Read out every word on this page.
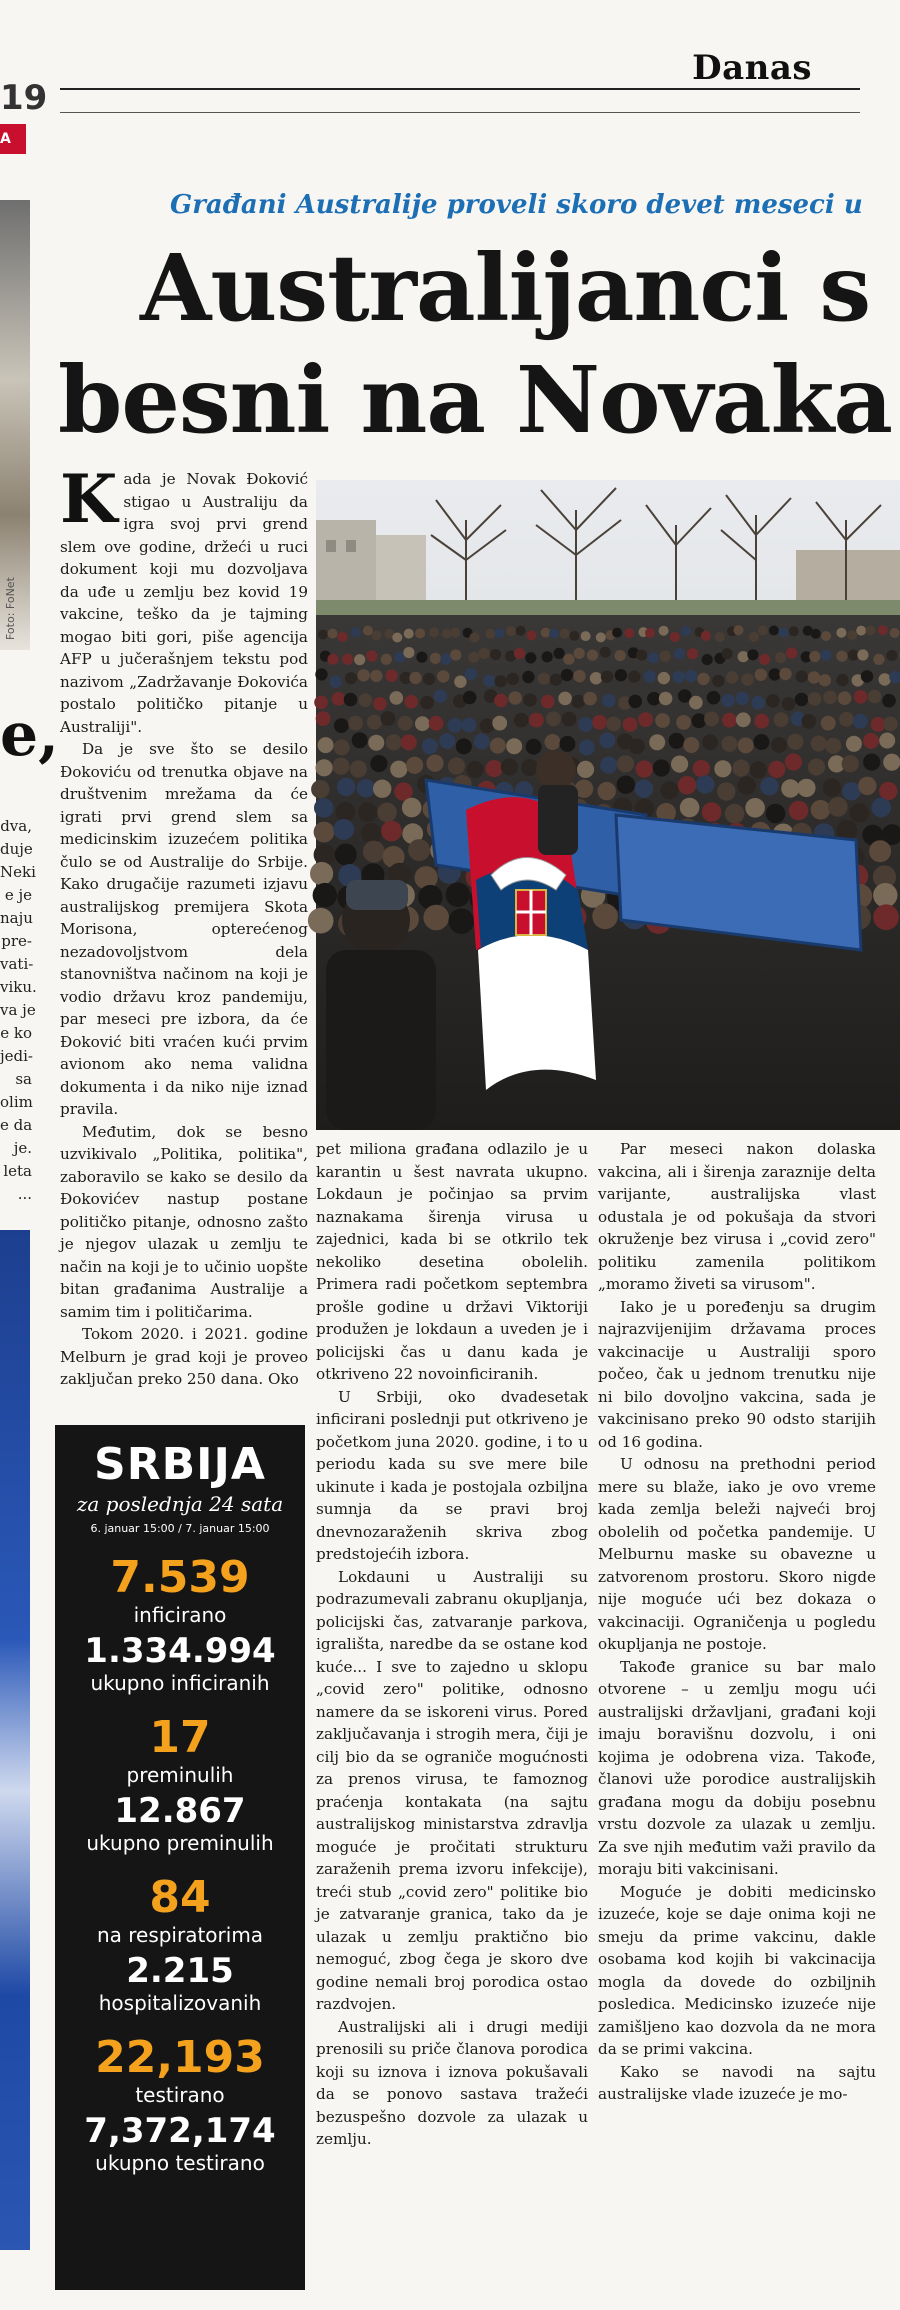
19
A
Danas
Foto: FoNet
e,
dva,
duje
Neki
e je
naju
pre-
vati-
viku.
va je
e ko
jedi-
sa
olim
e da
je.
leta
...
Građani Australije proveli skoro devet meseci u
Australijanci s
besni na Novaka

Kada je Novak Đoković stigao u Australiju da igra svoj prvi grend slem ove godine, držeći u ruci dokument koji mu dozvoljava da uđe u zemlju bez kovid 19 vakcine, teško da je tajming mogao biti gori, piše agencija AFP u jučerašnjem tekstu pod nazivom „Zadržavanje Đokovića postalo političko pitanje u Australiji".

Da je sve što se desilo Đokoviću od trenutka objave na društvenim mrežama da će igrati prvi grend slem sa medicinskim izuzećem politika čulo se od Australije do Srbije. Kako drugačije razumeti izjavu australijskog premijera Skota Morisona, opterećenog nezadovoljstvom dela stanovništva načinom na koji je vodio državu kroz pandemiju, par meseci pre izbora, da će Đoković biti vraćen kući prvim avionom ako nema validna dokumenta i da niko nije iznad pravila.

Međutim, dok se besno uzvikivalo „Politika, politika", zaboravilo se kako se desilo da Đokovićev nastup postane političko pitanje, odnosno zašto je njegov ulazak u zemlju te način na koji je to učinio uopšte bitan građanima Australije a samim tim i političarima.

Tokom 2020. i 2021. godine Melburn je grad koji je proveo zaključan preko 250 dana. Oko

pet miliona građana odlazilo je u karantin u šest navrata ukupno. Lokdaun je počinjao sa prvim naznakama širenja virusa u zajednici, kada bi se otkrilo tek nekoliko desetina obolelih. Primera radi početkom septembra prošle godine u državi Viktoriji produžen je lokdaun a uveden je i policijski čas u danu kada je otkriveno 22 novoinficiranih.

U Srbiji, oko dvadesetak inficirani poslednji put otkriveno je početkom juna 2020. godine, i to u periodu kada su sve mere bile ukinute i kada je postojala ozbiljna sumnja da se pravi broj dnevnozaraženih skriva zbog predstojećih izbora.

Lokdauni u Australiji su podrazumevali zabranu okupljanja, policijski čas, zatvaranje parkova, igrališta, naredbe da se ostane kod kuće... I sve to zajedno u sklopu „covid zero" politike, odnosno namere da se iskoreni virus. Pored zaključavanja i strogih mera, čiji je cilj bio da se ograniče mogućnosti za prenos virusa, te famoznog praćenja kontakata (na sajtu australijskog ministarstva zdravlja moguće je pročitati strukturu zaraženih prema izvoru infekcije), treći stub „covid zero" politike bio je zatvaranje granica, tako da je ulazak u zemlju praktično bio nemoguć, zbog čega je skoro dve godine nemali broj porodica ostao razdvojen.

Australijski ali i drugi mediji prenosili su priče članova porodica koji su iznova i iznova pokušavali da se ponovo sastava tražeći bezuspešno dozvole za ulazak u zemlju.

Par meseci nakon dolaska vakcina, ali i širenja zaraznije delta varijante, australijska vlast odustala je od pokušaja da stvori okruženje bez virusa i „covid zero" politiku zamenila politikom „moramo živeti sa virusom".

Iako je u poređenju sa drugim najrazvijenijim državama proces vakcinacije u Australiji sporo počeo, čak u jednom trenutku nije ni bilo dovoljno vakcina, sada je vakcinisano preko 90 odsto starijih od 16 godina.

U odnosu na prethodni period mere su blaže, iako je ovo vreme kada zemlja beleži najveći broj obolelih od početka pandemije. U Melburnu maske su obavezne u zatvorenom prostoru. Skoro nigde nije moguće ući bez dokaza o vakcinaciji. Ograničenja u pogledu okupljanja ne postoje.

Takođe granice su bar malo otvorene – u zemlju mogu ući australijski državljani, građani koji imaju boravišnu dozvolu, i oni kojima je odobrena viza. Takođe, članovi uže porodice australijskih građana mogu da dobiju posebnu vrstu dozvole za ulazak u zemlju. Za sve njih međutim važi pravilo da moraju biti vakcinisani.

Moguće je dobiti medicinsko izuzeće, koje se daje onima koji ne smeju da prime vakcinu, dakle osobama kod kojih bi vakcinacija mogla da dovede do ozbiljnih posledica. Medicinsko izuzeće nije zamišljeno kao dozvola da ne mora da se primi vakcina.

Kako se navodi na sajtu australijske vlade izuzeće je mo-

SRBIJA
za poslednja 24 sata
6. januar 15:00 / 7. januar 15:00
7.539
inficirano
1.334.994
ukupno inficiranih
17
preminulih
12.867
ukupno preminulih
84
na respiratorima
2.215
hospitalizovanih
22,193
testirano
7,372,174
ukupno testirano
